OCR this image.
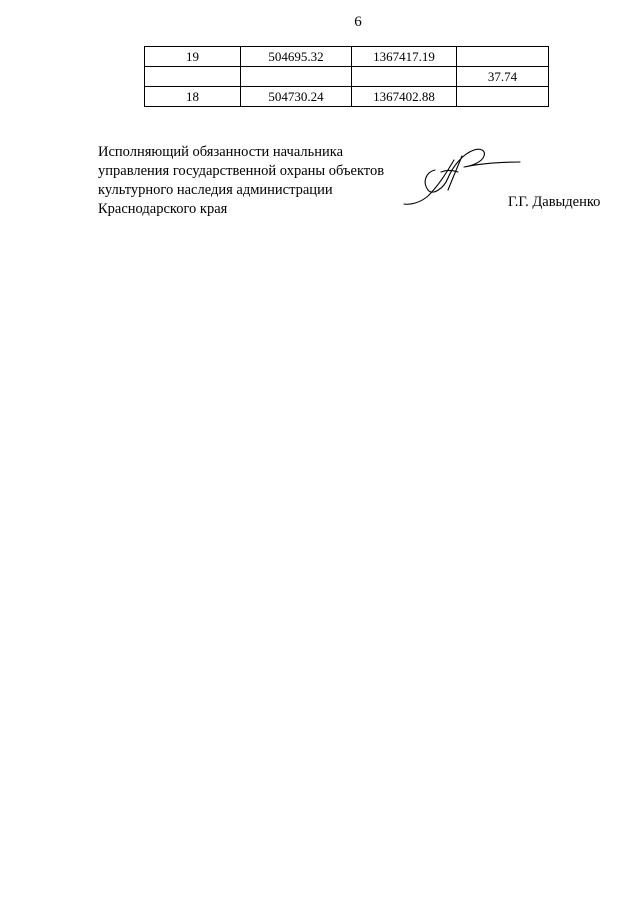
6
19	504695.32	1367417.19	
			37.74
18	504730.24	1367402.88	
Исполняющий обязанности начальника
управления государственной охраны объектов
культурного наследия администрации
Краснодарского края	Г.Г. Давыденко
